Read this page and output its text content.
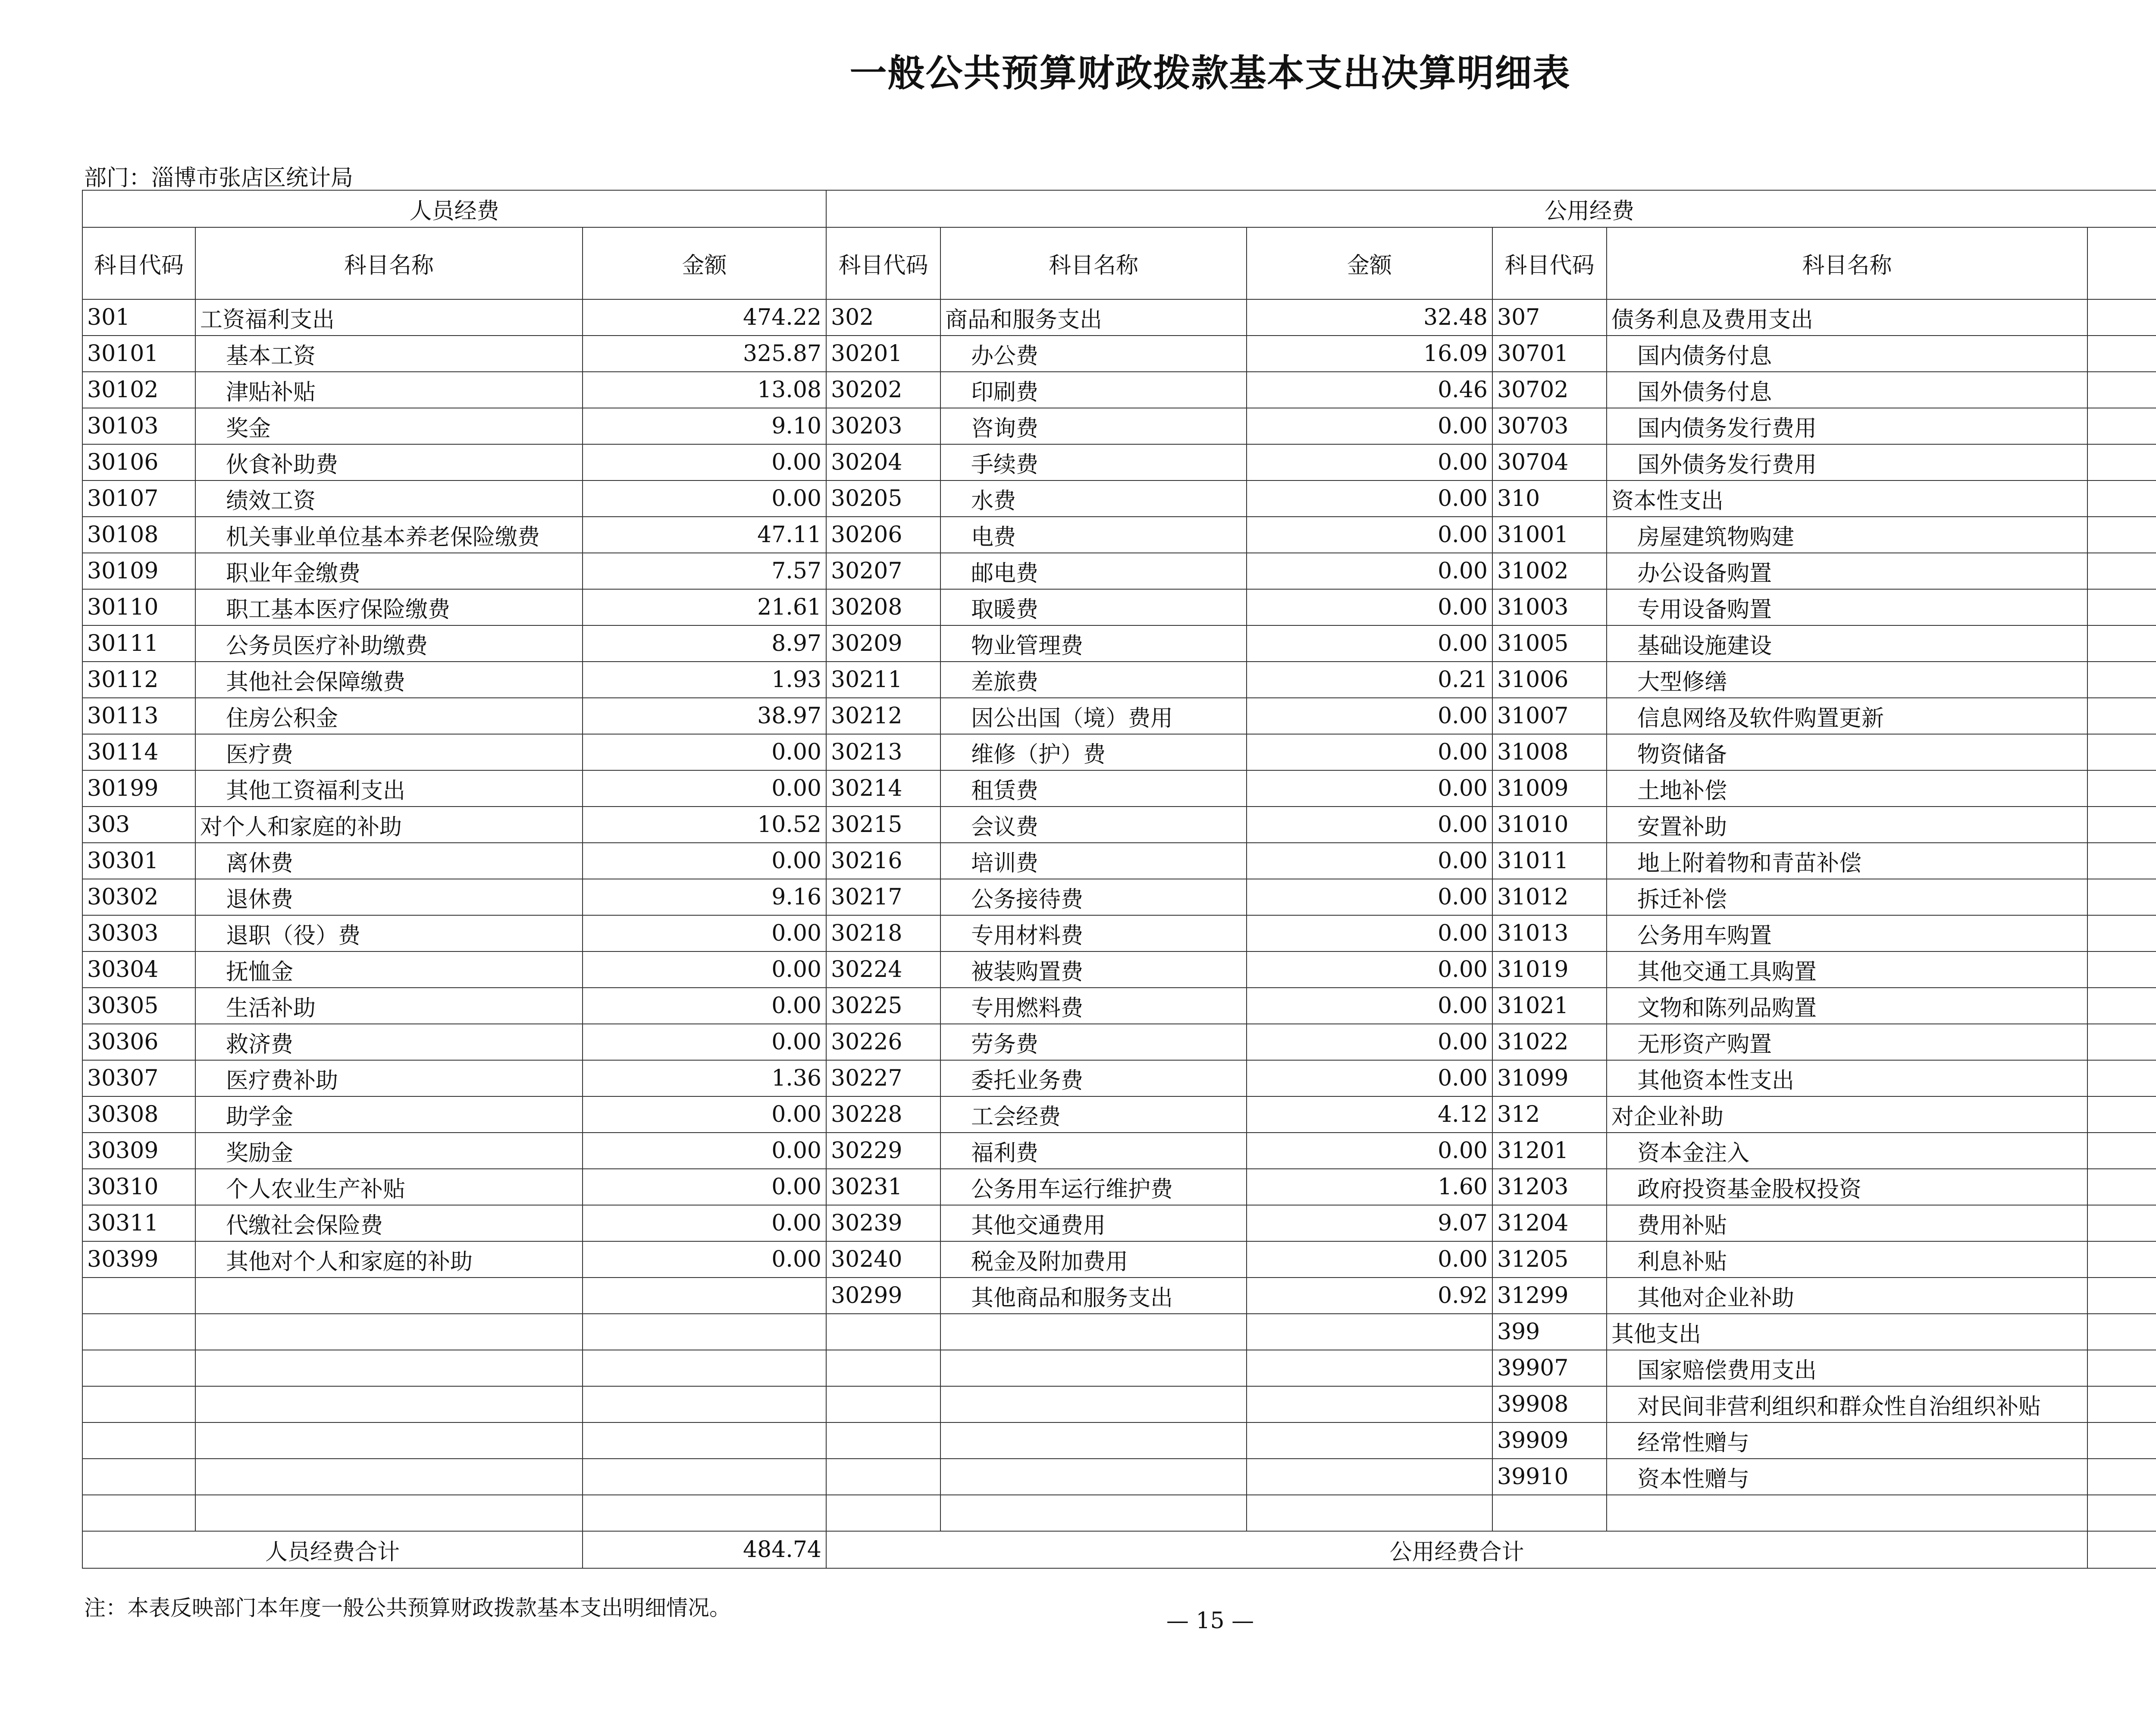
一般公共预算财政拨款基本支出决算明细表
部门：淄博市张店区统计局
人员经费			公用经费					
科目代码	科目名称	金额	科目代码	科目名称	金额	科目代码	科目名称	
301	工资福利支出	474.22	302	商品和服务支出	32.48	307	债务利息及费用支出	
30101	基本工资	325.87	30201	办公费	16.09	30701	国内债务付息	
30102	津贴补贴	13.08	30202	印刷费	0.46	30702	国外债务付息	
30103	奖金	9.10	30203	咨询费	0.00	30703	国内债务发行费用	
30106	伙食补助费	0.00	30204	手续费	0.00	30704	国外债务发行费用	
30107	绩效工资	0.00	30205	水费	0.00	310	资本性支出	
30108	机关事业单位基本养老保险缴费	47.11	30206	电费	0.00	31001	房屋建筑物购建	
30109	职业年金缴费	7.57	30207	邮电费	0.00	31002	办公设备购置	
30110	职工基本医疗保险缴费	21.61	30208	取暖费	0.00	31003	专用设备购置	
30111	公务员医疗补助缴费	8.97	30209	物业管理费	0.00	31005	基础设施建设	
30112	其他社会保障缴费	1.93	30211	差旅费	0.21	31006	大型修缮	
30113	住房公积金	38.97	30212	因公出国（境）费用	0.00	31007	信息网络及软件购置更新	
30114	医疗费	0.00	30213	维修（护）费	0.00	31008	物资储备	
30199	其他工资福利支出	0.00	30214	租赁费	0.00	31009	土地补偿	
303	对个人和家庭的补助	10.52	30215	会议费	0.00	31010	安置补助	
30301	离休费	0.00	30216	培训费	0.00	31011	地上附着物和青苗补偿	
30302	退休费	9.16	30217	公务接待费	0.00	31012	拆迁补偿	
30303	退职（役）费	0.00	30218	专用材料费	0.00	31013	公务用车购置	
30304	抚恤金	0.00	30224	被装购置费	0.00	31019	其他交通工具购置	
30305	生活补助	0.00	30225	专用燃料费	0.00	31021	文物和陈列品购置	
30306	救济费	0.00	30226	劳务费	0.00	31022	无形资产购置	
30307	医疗费补助	1.36	30227	委托业务费	0.00	31099	其他资本性支出	
30308	助学金	0.00	30228	工会经费	4.12	312	对企业补助	
30309	奖励金	0.00	30229	福利费	0.00	31201	资本金注入	
30310	个人农业生产补贴	0.00	30231	公务用车运行维护费	1.60	31203	政府投资基金股权投资	
30311	代缴社会保险费	0.00	30239	其他交通费用	9.07	31204	费用补贴	
30399	其他对个人和家庭的补助	0.00	30240	税金及附加费用	0.00	31205	利息补贴	
			30299	其他商品和服务支出	0.92	31299	其他对企业补助	
						399	其他支出	
						39907	国家赔偿费用支出	
						39908	对民间非营利组织和群众性自治组织补贴	
						39909	经常性赠与	
						39910	资本性赠与	

人员经费合计		484.74	公用经费合计	
注：本表反映部门本年度一般公共预算财政拨款基本支出明细情况。	— 15 —
